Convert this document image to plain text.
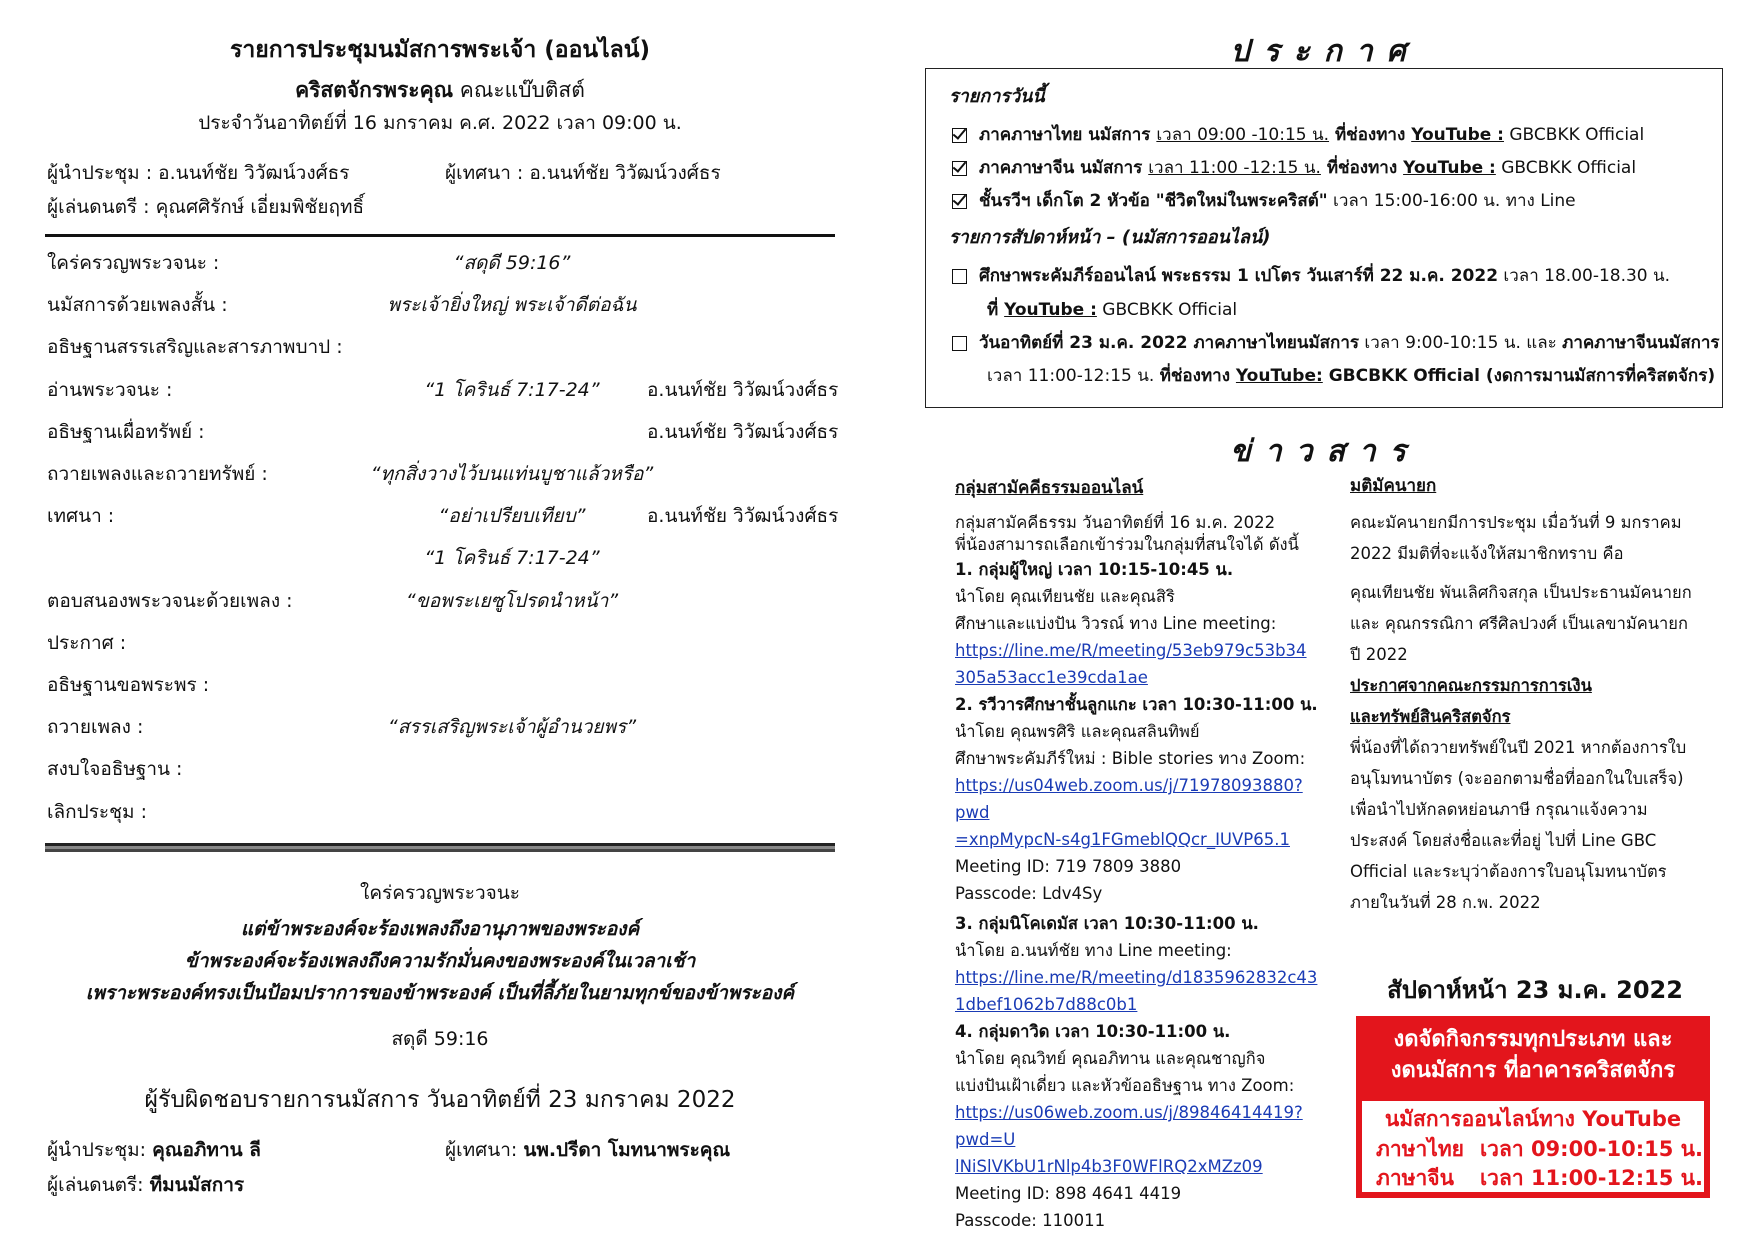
รายการประชุมนมัสการพระเจ้า (ออนไลน์)
คริสตจักรพระคุณ คณะแบ๊บติสต์
ประจำวันอาทิตย์ที่ 16 มกราคม ค.ศ. 2022 เวลา 09:00 น.
ผู้นำประชุม : อ.นนท์ชัย วิวัฒน์วงศ์ธร	ผู้เทศนา : อ.นนท์ชัย วิวัฒน์วงศ์ธร
ผู้เล่นดนตรี : คุณศศิรักษ์ เอี่ยมพิชัยฤทธิ์
ใคร่ครวญพระวจนะ :	“สดุดี 59:16”
นมัสการด้วยเพลงสั้น :	พระเจ้ายิ่งใหญ่ พระเจ้าดีต่อฉัน
อธิษฐานสรรเสริญและสารภาพบาป :
อ่านพระวจนะ :	“1 โครินธ์ 7:17-24”	อ.นนท์ชัย วิวัฒน์วงศ์ธร
อธิษฐานเผื่อทรัพย์ :	อ.นนท์ชัย วิวัฒน์วงศ์ธร
ถวายเพลงและถวายทรัพย์ :	“ทุกสิ่งวางไว้บนแท่นบูชาแล้วหรือ”
เทศนา :	“อย่าเปรียบเทียบ”	อ.นนท์ชัย วิวัฒน์วงศ์ธร
“1 โครินธ์ 7:17-24”
ตอบสนองพระวจนะด้วยเพลง :	“ขอพระเยซูโปรดนำหน้า”
ประกาศ :
อธิษฐานขอพระพร :
ถวายเพลง :	“สรรเสริญพระเจ้าผู้อำนวยพร”
สงบใจอธิษฐาน :
เลิกประชุม :
ใคร่ครวญพระวจนะ
แต่ข้าพระองค์จะร้องเพลงถึงอานุภาพของพระองค์
ข้าพระองค์จะร้องเพลงถึงความรักมั่นคงของพระองค์ในเวลาเช้า
เพราะพระองค์ทรงเป็นป้อมปราการของข้าพระองค์ เป็นที่ลี้ภัยในยามทุกข์ของข้าพระองค์
สดุดี 59:16
ผู้รับผิดชอบรายการนมัสการ วันอาทิตย์ที่ 23 มกราคม 2022
ผู้นำประชุม: คุณอภิทาน ลี	ผู้เทศนา: นพ.ปรีดา โมทนาพระคุณ
ผู้เล่นดนตรี: ทีมนมัสการ
ประกาศ
รายการวันนี้
ภาคภาษาไทย นมัสการ เวลา 09:00 -10:15 น. ที่ช่องทาง YouTube : GBCBKK Official
ภาคภาษาจีน นมัสการ เวลา 11:00 -12:15 น. ที่ช่องทาง YouTube : GBCBKK Official
ชั้นรวีฯ เด็กโต 2 หัวข้อ "ชีวิตใหม่ในพระคริสต์" เวลา 15:00-16:00 น. ทาง Line
รายการสัปดาห์หน้า – (นมัสการออนไลน์)
ศึกษาพระคัมภีร์ออนไลน์ พระธรรม 1 เปโตร วันเสาร์ที่ 22 ม.ค. 2022 เวลา 18.00-18.30 น.
ที่ YouTube : GBCBKK Official
วันอาทิตย์ที่ 23 ม.ค. 2022 ภาคภาษาไทยนมัสการ เวลา 9:00-10:15 น. และ ภาคภาษาจีนนมัสการ
เวลา 11:00-12:15 น. ที่ช่องทาง YouTube: GBCBKK Official (งดการมานมัสการที่คริสตจักร)
ข่าวสาร
กลุ่มสามัคคีธรรมออนไลน์
กลุ่มสามัคคีธรรม วันอาทิตย์ที่ 16 ม.ค. 2022
พี่น้องสามารถเลือกเข้าร่วมในกลุ่มที่สนใจได้ ดังนี้
1. กลุ่มผู้ใหญ่ เวลา 10:15-10:45 น.
นำโดย คุณเทียนชัย และคุณสิริ
ศึกษาและแบ่งปัน วิวรณ์ ทาง Line meeting:
https://line.me/R/meeting/53eb979c53b34
305a53acc1e39cda1ae
2. รวีวารศึกษาชั้นลูกแกะ เวลา 10:30-11:00 น.
นำโดย คุณพรศิริ และคุณสลินทิพย์
ศึกษาพระคัมภีร์ใหม่ : Bible stories ทาง Zoom:
https://us04web.zoom.us/j/71978093880?pwd
=xnpMypcN-s4g1FGmeblQQcr_IUVP65.1
Meeting ID: 719 7809 3880
Passcode: Ldv4Sy
3. กลุ่มนิโคเดมัส เวลา 10:30-11:00 น.
นำโดย อ.นนท์ชัย ทาง Line meeting:
https://line.me/R/meeting/d1835962832c43
1dbef1062b7d88c0b1
4. กลุ่มดาวิด เวลา 10:30-11:00 น.
นำโดย คุณวิทย์ คุณอภิทาน และคุณชาญกิจ
แบ่งปันเฝ้าเดี่ยว และหัวข้ออธิษฐาน ทาง Zoom:
https://us06web.zoom.us/j/89846414419?pwd=U
lNiSlVKbU1rNlp4b3F0WFlRQ2xMZz09
Meeting ID: 898 4641 4419
Passcode: 110011
มติมัคนายก
คณะมัคนายกมีการประชุม เมื่อวันที่ 9 มกราคม
2022 มีมติที่จะแจ้งให้สมาชิกทราบ คือ
คุณเทียนชัย พันเลิศกิจสกุล เป็นประธานมัคนายก
และ คุณกรรณิกา ศรีศิลปวงศ์ เป็นเลขามัคนายก
ปี 2022
ประกาศจากคณะกรรมการการเงิน
และทรัพย์สินคริสตจักร
พี่น้องที่ได้ถวายทรัพย์ในปี 2021 หากต้องการใบ
อนุโมทนาบัตร (จะออกตามชื่อที่ออกในใบเสร็จ)
เพื่อนำไปหักลดหย่อนภาษี กรุณาแจ้งความ
ประสงค์ โดยส่งชื่อและที่อยู่ ไปที่ Line GBC
Official และระบุว่าต้องการใบอนุโมทนาบัตร
ภายในวันที่ 28 ก.พ. 2022
สัปดาห์หน้า 23 ม.ค. 2022
งดจัดกิจกรรมทุกประเภท และ
งดนมัสการ ที่อาคารคริสตจักร
นมัสการออนไลน์ทาง YouTube
ภาษาไทย เวลา 09:00-10:15 น.
ภาษาจีน เวลา 11:00-12:15 น.
